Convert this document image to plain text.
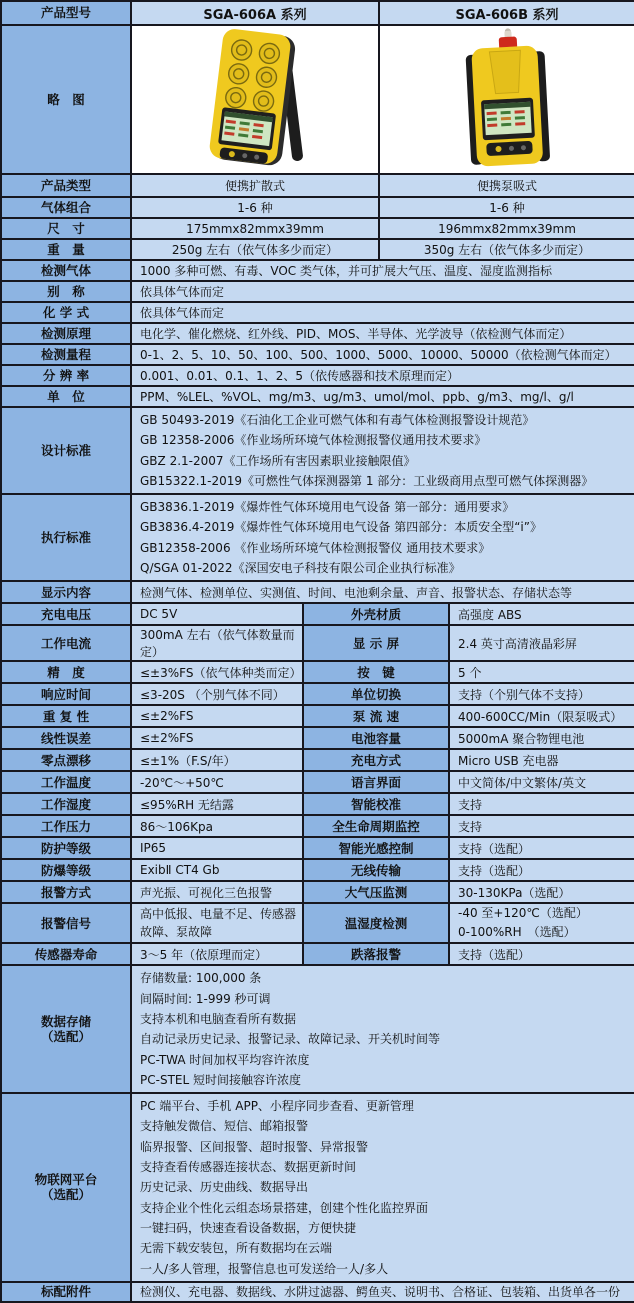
产品型号	SGA-606A 系列		SGA-606B 系列	
略　图		
产品类型	便携扩散式		便携泵吸式	
气体组合	1-6 种		1-6 种	
尺　寸	175mmx82mmx39mm		196mmx82mmx39mm	
重　量	250g 左右（依气体多少而定）		350g 左右（依气体多少而定）	
检测气体	1000 多种可燃、有毒、VOC 类气体，并可扩展大气压、温度、湿度监测指标			
别　称	依具体气体而定			
化 学 式	依具体气体而定			
检测原理	电化学、催化燃烧、红外线、PID、MOS、半导体、光学波导（依检测气体而定）			
检测量程	0-1、2、5、10、50、100、500、1000、5000、10000、50000（依检测气体而定）			
分 辨 率	0.001、0.01、0.1、1、2、5（依传感器和技术原理而定）			
单　位	PPM、%LEL、%VOL、mg/m3、ug/m3、umol/mol、ppb、g/m3、mg/l、g/l			
设计标准	GB 50493-2019《石油化工企业可燃气体和有毒气体检测报警设计规范》
GB 12358-2006《作业场所环境气体检测报警仪通用技术要求》
GBZ 2.1-2007《工作场所有害因素职业接触限值》
GB15322.1-2019《可燃性气体探测器第 1 部分：工业级商用点型可燃气体探测器》			

执行标准	GB3836.1-2019《爆炸性气体环境用电气设备 第一部分：通用要求》
GB3836.4-2019《爆炸性气体环境用电气设备 第四部分：本质安全型“i”》
GB12358-2006 《作业场所环境气体检测报警仪 通用技术要求》
Q/SGA 01-2022《深国安电子科技有限公司企业执行标准》			

显示内容	检测气体、检测单位、实测值、时间、电池剩余量、声音、报警状态、存储状态等			
充电电压	DC 5V	外壳材质		高强度 ABS
工作电流	300mA 左右（依气体数量而定）	显 示 屏		2.4 英寸高清液晶彩屏
精　度	≤±3%FS（依气体种类而定）	按　键		5 个
响应时间	≤3-20S （个别气体不同）	单位切换		支持（个别气体不支持）
重 复 性	≤±2%FS	泵 流 速		400-600CC/Min（限泵吸式）
线性误差	≤±2%FS	电池容量		5000mA 聚合物锂电池
零点漂移	≤±1%（F.S/年）	充电方式		Micro USB 充电器
工作温度	-20℃～+50℃	语言界面		中文简体/中文繁体/英文
工作湿度	≤95%RH 无结露	智能校准		支持
工作压力	86～106Kpa	全生命周期监控		支持
防护等级	IP65	智能光感控制		支持（选配）
防爆等级	ExibⅡ CT4 Gb	无线传输		支持（选配）
报警方式	声光振、可视化三色报警	大气压监测		30-130KPa（选配）
报警信号	高中低报、电量不足、传感器故障、泵故障	温湿度检测		-40 至+120℃（选配）
0-100%RH　（选配）

传感器寿命	3～5 年（依原理而定）	跌落报警		支持（选配）

数据存储
（选配）

存储数量: 100,000 条
间隔时间: 1-999 秒可调
支持本机和电脑查看所有数据
自动记录历史记录、报警记录、故障记录、开关机时间等
PC-TWA 时间加权平均容许浓度
PC-STEL 短时间接触容许浓度

物联网平台
（选配）

PC 端平台、手机 APP、小程序同步查看、更新管理
支持触发微信、短信、邮箱报警
临界报警、区间报警、超时报警、异常报警
支持查看传感器连接状态、数据更新时间
历史记录、历史曲线、数据导出
支持企业个性化云组态场景搭建，创建个性化监控界面
一键扫码，快速查看设备数据，方便快捷
无需下载安装包，所有数据均在云端
一人/多人管理，报警信息也可发送给一人/多人

标配附件	检测仪、充电器、数据线、水阱过滤器、鳄鱼夹、说明书、合格证、包装箱、出货单各一份			
